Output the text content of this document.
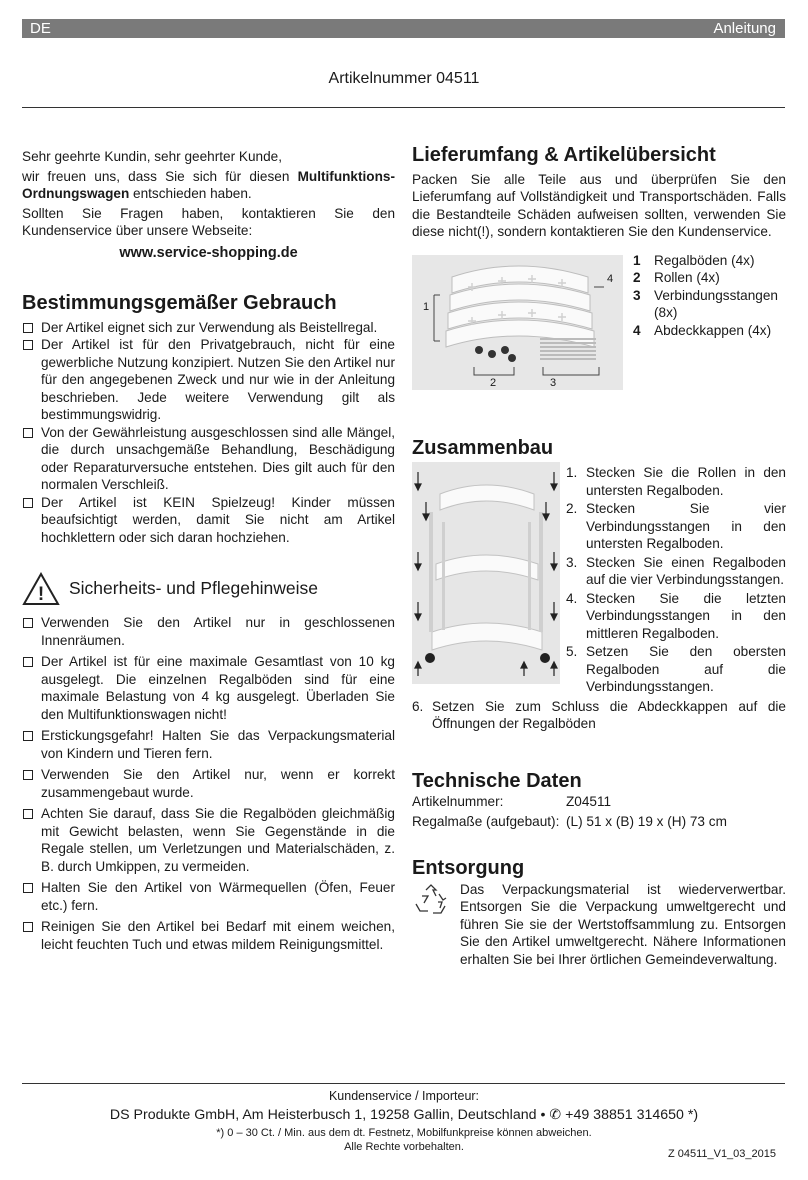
DE	Anleitung
Artikelnummer 04511

Sehr geehrte Kundin, sehr geehrter Kunde,

wir freuen uns, dass Sie sich für diesen Multifunktions-Ordnungswagen entschieden haben.

Sollten Sie Fragen haben, kontaktieren Sie den Kundenservice über unsere Webseite:

www.service-shopping.de

Bestimmungsgemäßer Gebrauch
Der Artikel eignet sich zur Verwendung als Beistellregal.
Der Artikel ist für den Privatgebrauch, nicht für eine gewerbliche Nutzung konzipiert. Nutzen Sie den Artikel nur für den angegebenen Zweck und nur wie in der Anleitung beschrieben. Jede weitere Verwendung gilt als bestimmungswidrig.
Von der Gewährleistung ausgeschlossen sind alle Mängel, die durch unsachgemäße Behandlung, Beschädigung oder Reparaturversuche entstehen. Dies gilt auch für den normalen Verschleiß.
Der Artikel ist KEIN Spielzeug! Kinder müssen beaufsichtigt werden, damit Sie nicht am Artikel hochklettern oder sich daran hochziehen.
! Sicherheits- und Pflegehinweise
Verwenden Sie den Artikel nur in geschlossenen Innenräumen.
Der Artikel ist für eine maximale Gesamtlast von 10 kg ausgelegt. Die einzelnen Regalböden sind für eine maximale Belastung von 4 kg ausgelegt. Überladen Sie den Multifunktionswagen nicht!
Erstickungsgefahr! Halten Sie das Verpackungsmaterial von Kindern und Tieren fern.
Verwenden Sie den Artikel nur, wenn er korrekt zusammengebaut wurde.
Achten Sie darauf, dass Sie die Regalböden gleichmäßig mit Gewicht belasten, wenn Sie Gegenstände in die Regale stellen, um Verletzungen und Materialschäden, z. B. durch Umkippen, zu vermeiden.
Halten Sie den Artikel von Wärmequellen (Öfen, Feuer etc.) fern.
Reinigen Sie den Artikel bei Bedarf mit einem weichen, leicht feuchten Tuch und etwas mildem Reinigungsmittel.
Lieferumfang & Artikelübersicht

Packen Sie alle Teile aus und überprüfen Sie den Lieferumfang auf Vollständigkeit und Transportschäden. Falls die Bestandteile Schäden aufweisen sollten, verwenden Sie diese nicht(!), sondern kontaktieren Sie den Kundenservice.

1
2	3
4
1 Regalböden (4x)
2 Rollen (4x)
3 Verbindungsstangen (8x)
4 Abdeckkappen (4x)
Zusammenbau
1. Stecken Sie die Rollen in den untersten Regalboden.
2. Stecken Sie vier Verbindungsstangen in den untersten Regalboden.
3. Stecken Sie einen Regalboden auf die vier Verbindungsstangen.
4. Stecken Sie die letzten Verbindungsstangen in den mittleren Regalboden.
5. Setzen Sie den obersten Regalboden auf die Verbindungsstangen.
6. Setzen Sie zum Schluss die Abdeckkappen auf die Öffnungen der Regalböden
Technische Daten
Artikelnummer:	Z04511
Regalmaße (aufgebaut): (L) 51 x (B) 19 x (H) 73 cm
Entsorgung

Das Verpackungsmaterial ist wiederverwertbar. Entsorgen Sie die Verpackung umweltgerecht und führen Sie sie der Wertstoffsammlung zu. Entsorgen Sie den Artikel umweltgerecht. Nähere Informationen erhalten Sie bei Ihrer örtlichen Gemeindeverwaltung.

Kundenservice / Importeur:
DS Produkte GmbH, Am Heisterbusch 1, 19258 Gallin, Deutschland • ✆ +49 38851 314650 *)
*) 0 – 30 Ct. / Min. aus dem dt. Festnetz, Mobilfunkpreise können abweichen.
Alle Rechte vorbehalten.
Z 04511_V1_03_2015
